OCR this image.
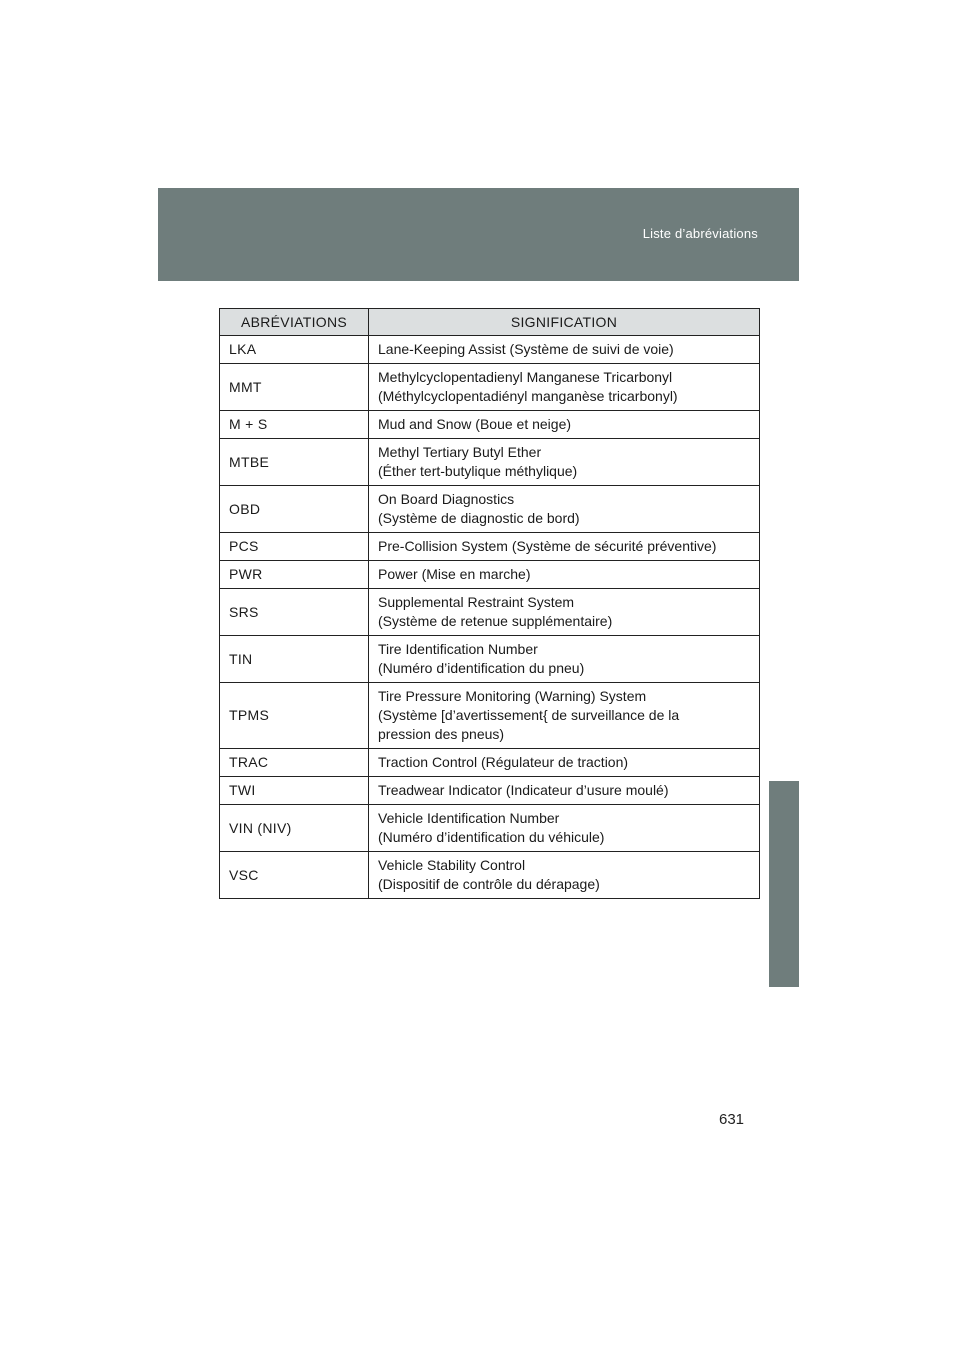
Liste d’abréviations
ABRÉVIATIONS	SIGNIFICATION
LKA	Lane-Keeping Assist (Système de suivi de voie)

MMT	Methylcyclopentadienyl Manganese Tricarbonyl
(Méthylcyclopentadiényl manganèse tricarbonyl)

M + S	Mud and Snow (Boue et neige)

MTBE	Methyl Tertiary Butyl Ether
(Éther tert-butylique méthylique)

OBD	On Board Diagnostics
(Système de diagnostic de bord)

PCS	Pre-Collision System (Système de sécurité préventive)

PWR	Power (Mise en marche)

SRS	Supplemental Restraint System
(Système de retenue supplémentaire)

TIN	Tire Identification Number
(Numéro d’identification du pneu)

TPMS	Tire Pressure Monitoring (Warning) System
(Système [d’avertissement{ de surveillance de la
pression des pneus)

TRAC	Traction Control (Régulateur de traction)

TWI	Treadwear Indicator (Indicateur d’usure moulé)

VIN (NIV)	Vehicle Identification Number
(Numéro d’identification du véhicule)

VSC	Vehicle Stability Control
(Dispositif de contrôle du dérapage)
631
